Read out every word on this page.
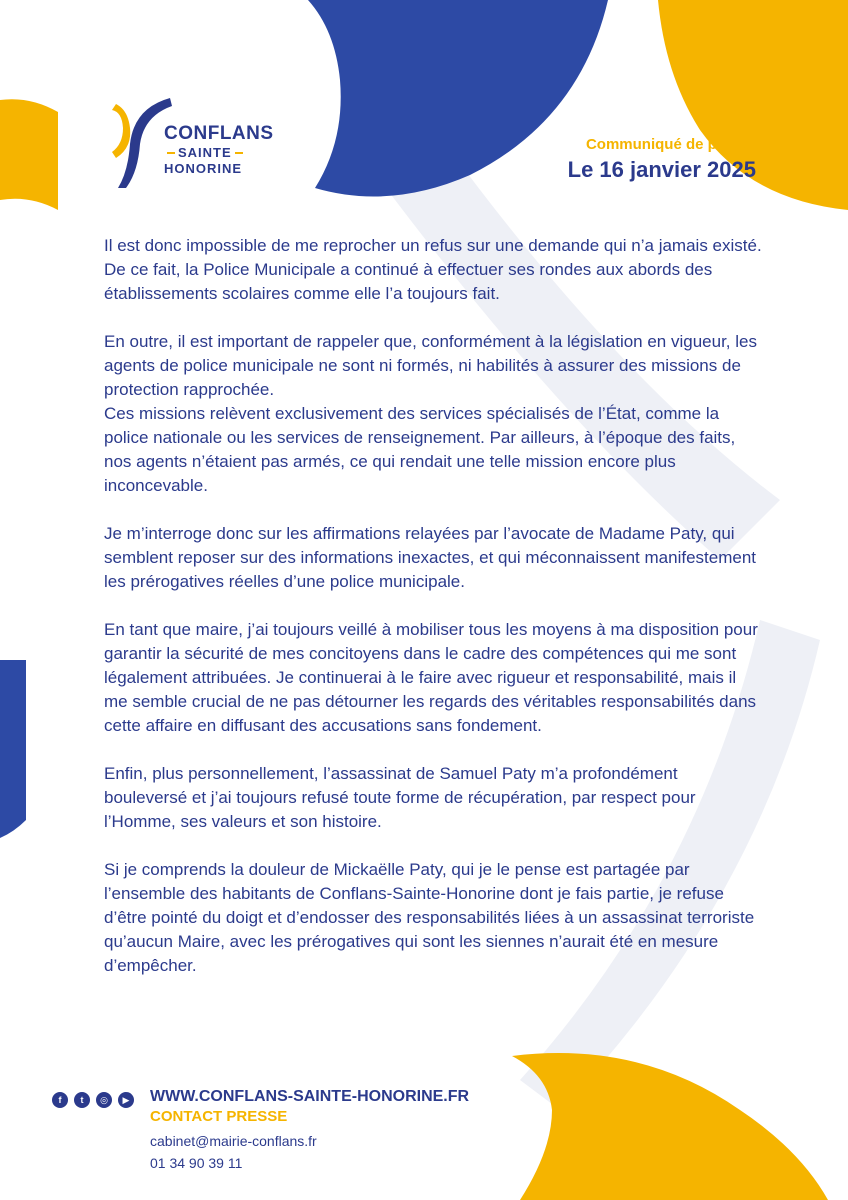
CONFLANS
SAINTE
HONORINE
Communiqué de presse
Le 16 janvier 2025

Il est donc impossible de me reprocher un refus sur une demande qui n’a jamais existé. De ce fait, la Police Municipale a continué à effectuer ses rondes aux abords des établissements scolaires comme elle l’a toujours fait.

En outre, il est important de rappeler que, conformément à la législation en vigueur, les agents de police municipale ne sont ni formés, ni habilités à assurer des missions de protection rapprochée.

Ces missions relèvent exclusivement des services spécialisés de l’État, comme la police nationale ou les services de renseignement. Par ailleurs, à l’époque des faits, nos agents n’étaient pas armés, ce qui rendait une telle mission encore plus inconcevable.

Je m’interroge donc sur les affirmations relayées par l’avocate de Madame Paty, qui semblent reposer sur des informations inexactes, et qui méconnaissent manifestement les prérogatives réelles d’une police municipale.

En tant que maire, j’ai toujours veillé à mobiliser tous les moyens à ma disposition pour garantir la sécurité de mes concitoyens dans le cadre des compétences qui me sont légalement attribuées. Je continuerai à le faire avec rigueur et responsabilité, mais il me semble crucial de ne pas détourner les regards des véritables responsabilités dans cette affaire en diffusant des accusations sans fondement.

Enfin, plus personnellement, l’assassinat de Samuel Paty m’a profondément bouleversé et j’ai toujours refusé toute forme de récupération, par respect pour l’Homme, ses valeurs et son histoire.

Si je comprends la douleur de Mickaëlle Paty, qui je le pense est partagée par l’ensemble des habitants de Conflans-Sainte-Honorine dont je fais partie, je refuse d’être pointé du doigt et d’endosser des responsabilités liées à un assassinat terroriste qu’aucun Maire, avec les prérogatives qui sont les siennes n’aurait été en mesure d’empêcher.

f	t	◎	▶ WWW.CONFLANS-SAINTE-HONORINE.FR
CONTACT PRESSE
cabinet@mairie-conflans.fr
01 34 90 39 11
